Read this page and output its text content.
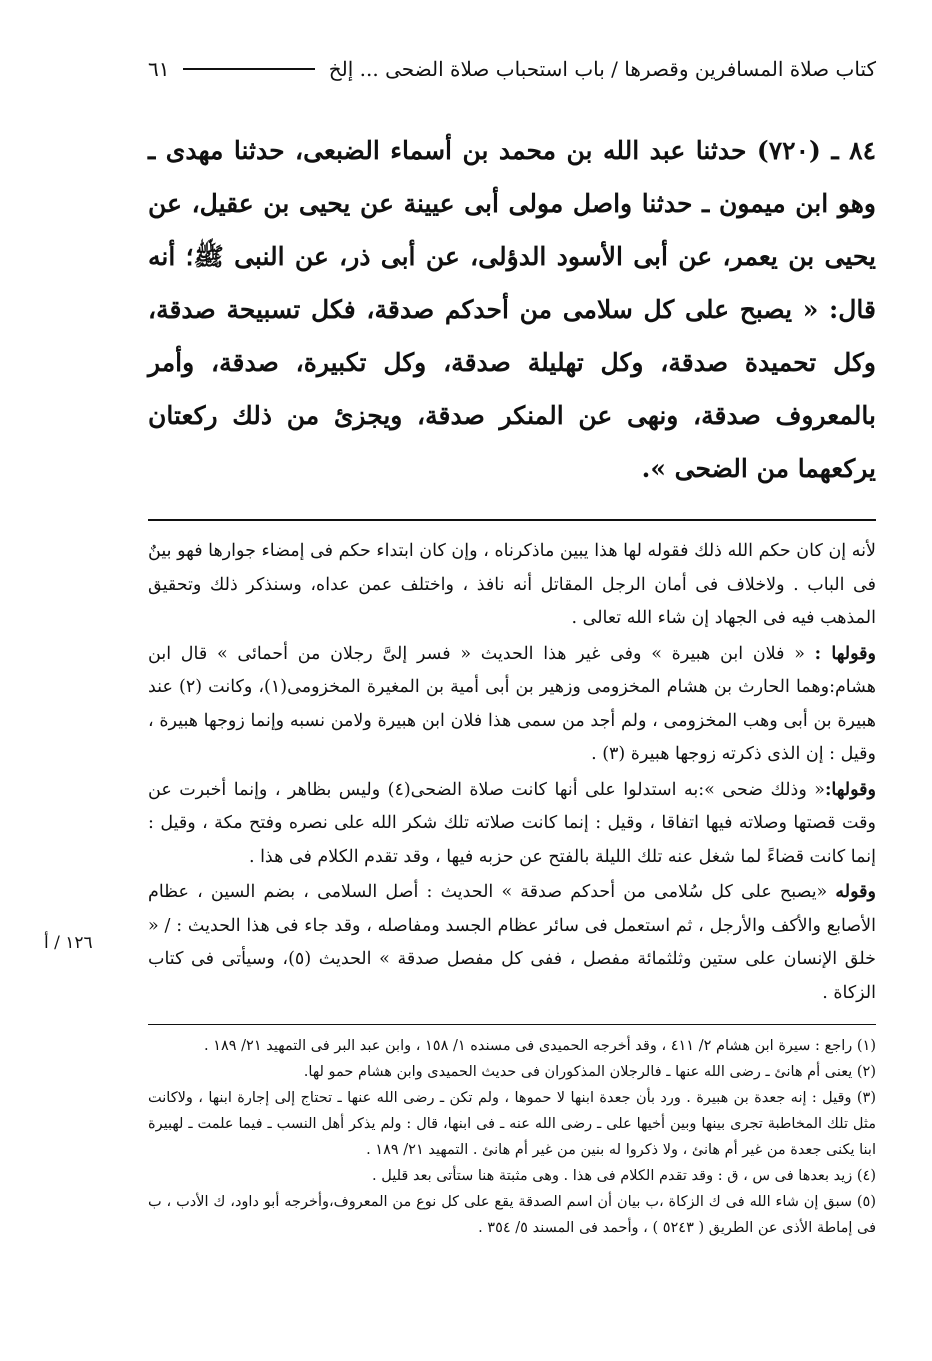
كتاب صلاة المسافرين وقصرها / باب استحباب صلاة الضحى ... إلخ
٦١
٨٤ ـ (٧٢٠) حدثنا عبد الله بن محمد بن أسماء الضبعى، حدثنا مهدى ـ وهو ابن ميمون ـ حدثنا واصل مولى أبى عيينة عن يحيى بن عقيل، عن يحيى بن يعمر، عن أبى الأسود الدؤلى، عن أبى ذر، عن النبى ﷺ؛ أنه قال: « يصبح على كل سلامى من أحدكم صدقة، فكل تسبيحة صدقة، وكل تحميدة صدقة، وكل تهليلة صدقة، وكل تكبيرة، صدقة، وأمر بالمعروف صدقة، ونهى عن المنكر صدقة، ويجزئ من ذلك ركعتان يركعهما من الضحى ».

لأنه إن كان حكم الله ذلك فقوله لها هذا يبين ماذكرناه ، وإن كان ابتداء حكم فى إمضاء جوارها فهو بينٌ فى الباب . ولاخلاف فى أمان الرجل المقاتل أنه نافذ ، واختلف عمن عداه، وسنذكر ذلك وتحقيق المذهب فيه فى الجهاد إن شاء الله تعالى .

وقولها : « فلان ابن هبيرة » وفى غير هذا الحديث « فسر إلىَّ رجلان من أحمائى » قال ابن هشام:وهما الحارث بن هشام المخزومى وزهير بن أبى أمية بن المغيرة المخزومى(١)، وكانت (٢) عند هبيرة بن أبى وهب المخزومى ، ولم أجد من سمى هذا فلان ابن هبيرة ولامن نسبه وإنما زوجها هبيرة ، وقيل : إن الذى ذكرته زوجها هبيرة (٣) .

وقولها:« وذلك ضحى »:به استدلوا على أنها كانت صلاة الضحى(٤) وليس بظاهر ، وإنما أخبرت عن وقت قصتها وصلاته فيها اتفاقا ، وقيل : إنما كانت صلاته تلك شكر الله على نصره وفتح مكة ، وقيل : إنما كانت قضاءً لما شغل عنه تلك الليلة بالفتح عن حزبه فيها ، وقد تقدم الكلام فى هذا .

وقوله «يصبح على كل سُلامى من أحدكم صدقة » الحديث : أصل السلامى ، بضم السين ، عظام الأصابع والأكف والأرجل ، ثم استعمل فى سائر عظام الجسد ومفاصله ، وقد جاء فى هذا الحديث : / « خلق الإنسان على ستين وثلثمائة مفصل ، ففى كل مفصل صدقة » الحديث (٥)، وسيأتى فى كتاب الزكاة .

(١) راجع : سيرة ابن هشام ٢/ ٤١١ ، وقد أخرجه الحميدى فى مسنده ١/ ١٥٨ ، وابن عبد البر فى التمهيد ٢١/ ١٨٩ .

(٢) يعنى أم هانئ ـ رضى الله عنها ـ فالرجلان المذكوران فى حديث الحميدى وابن هشام حمو لها.

(٣) وقيل : إنه جعدة بن هبيرة . ورد بأن جعدة ابنها لا حموها ، ولم تكن ـ رضى الله عنها ـ تحتاج إلى إجارة ابنها ، ولاكانت مثل تلك المخاطبة تجرى بينها وبين أخيها على ـ رضى الله عنه ـ فى ابنها، قال : ولم يذكر أهل النسب ـ فيما علمت ـ لهبيرة ابنا يكنى جعدة من غير أم هانئ ، ولا ذكروا له بنين من غير أم هانئ . التمهيد ٢١/ ١٨٩ .

(٤) زيد بعدها فى س ، ق : وقد تقدم الكلام فى هذا . وهى مثبتة هنا ستأتى بعد قليل .

(٥) سبق إن شاء الله فى ك الزكاة ،ب بيان أن اسم الصدقة يقع على كل نوع من المعروف،وأخرجه أبو داود، ك الأدب ، ب فى إماطة الأذى عن الطريق ( ٥٢٤٣ ) ، وأحمد فى المسند ٥/ ٣٥٤ .

١٢٦ / أ
